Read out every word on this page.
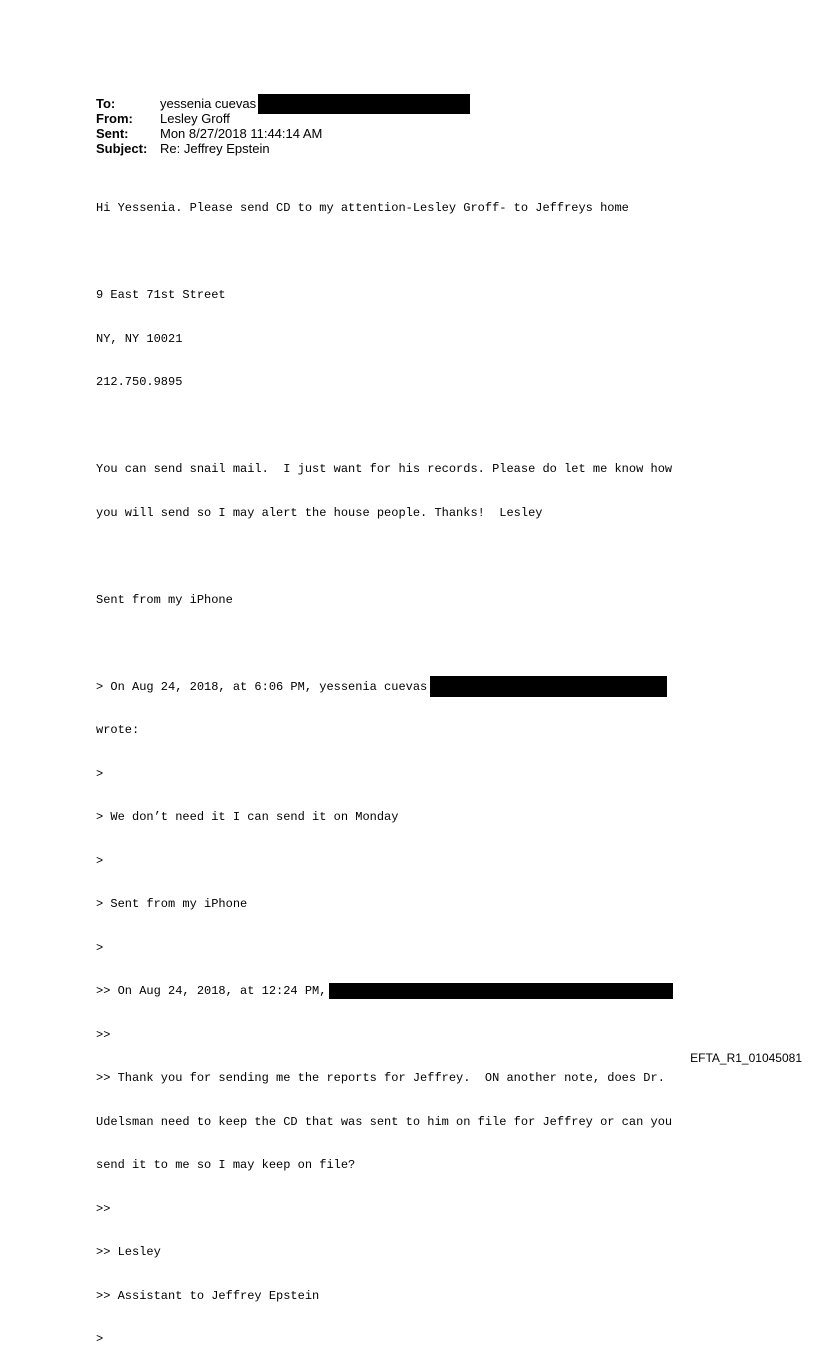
To:	yessenia cuevas
From:	Lesley Groff
Sent:	Mon 8/27/2018 11:44:14 AM
Subject: Re: Jeffrey Epstein

Hi Yessenia. Please send CD to my attention-Lesley Groff- to Jeffreys home

9 East 71st Street

NY, NY 10021

212.750.9895

You can send snail mail.  I just want for his records. Please do let me know how

you will send so I may alert the house people. Thanks!  Lesley

Sent from my iPhone

> On Aug 24, 2018, at 6:06 PM, yessenia cuevas

wrote:

>

> We don’t need it I can send it on Monday

>

> Sent from my iPhone

>

>> On Aug 24, 2018, at 12:24 PM,

>>

>> Thank you for sending me the reports for Jeffrey.  ON another note, does Dr.

Udelsman need to keep the CD that was sent to him on file for Jeffrey or can you

send it to me so I may keep on file?

>>

>> Lesley

>> Assistant to Jeffrey Epstein

>

EFTA_R1_01045081
